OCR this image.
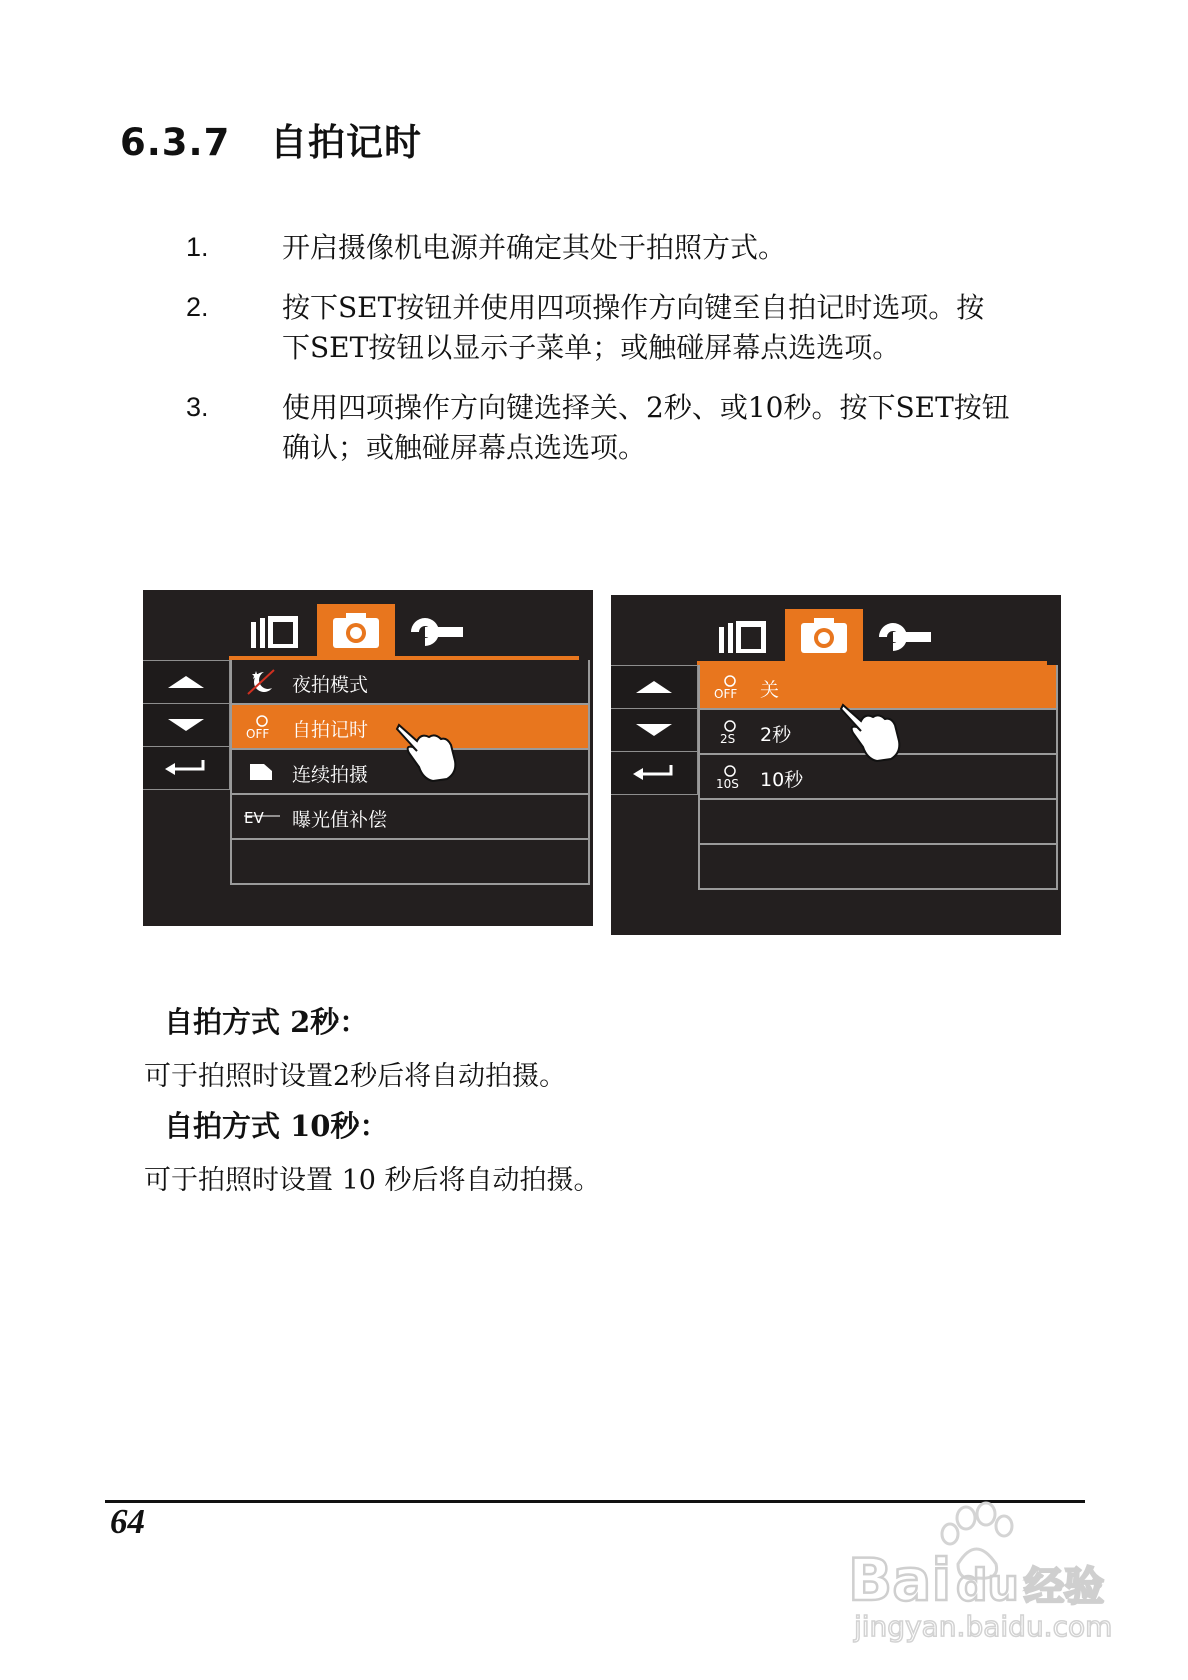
6.3.7 自拍记时
1.	开启摄像机电源并确定其处于拍照方式。
2.	按下SET按钮并使用四项操作方向键至自拍记时选项。按
下SET按钮以显示子菜单；或触碰屏幕点选选项。
3.	使用四项操作方向键选择关、2秒、或10秒。按下SET按钮
确认；或触碰屏幕点选选项。
夜拍模式
OFF 自拍记时
连续拍摄
EV 曝光值补偿
OFF 关
2S 2秒
10S 10秒
自拍方式 2秒：
可于拍照时设置2秒后将自动拍摄。
自拍方式 10秒：
可于拍照时设置 10 秒后将自动拍摄。
64
Bai du 经验
jingyan.baidu.com
